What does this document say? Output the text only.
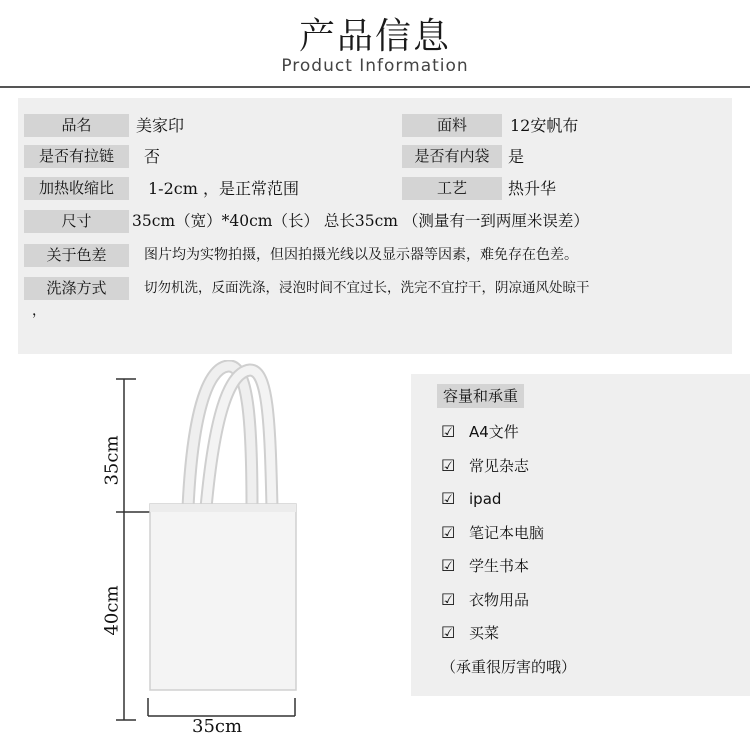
产品信息
Product Information
品名	美家印	面料	12安帆布
是否有拉链	否	是否有内袋	是
加热收缩比	1-2cm ，是正常范围	工艺	热升华
尺寸	35cm（宽）*40cm（长） 总长35cm （测量有一到两厘米误差）
关于色差	图片均为实物拍摄，但因拍摄光线以及显示器等因素，难免存在色差。
洗涤方式	切勿机洗，反面洗涤，浸泡时间不宜过长，洗完不宜拧干，阴凉通风处晾干
，
35cm
40cm
35cm
容量和承重
☑ A4文件
☑ 常见杂志
☑ ipad
☑ 笔记本电脑
☑ 学生书本
☑ 衣物用品
☑ 买菜
（承重很厉害的哦）
